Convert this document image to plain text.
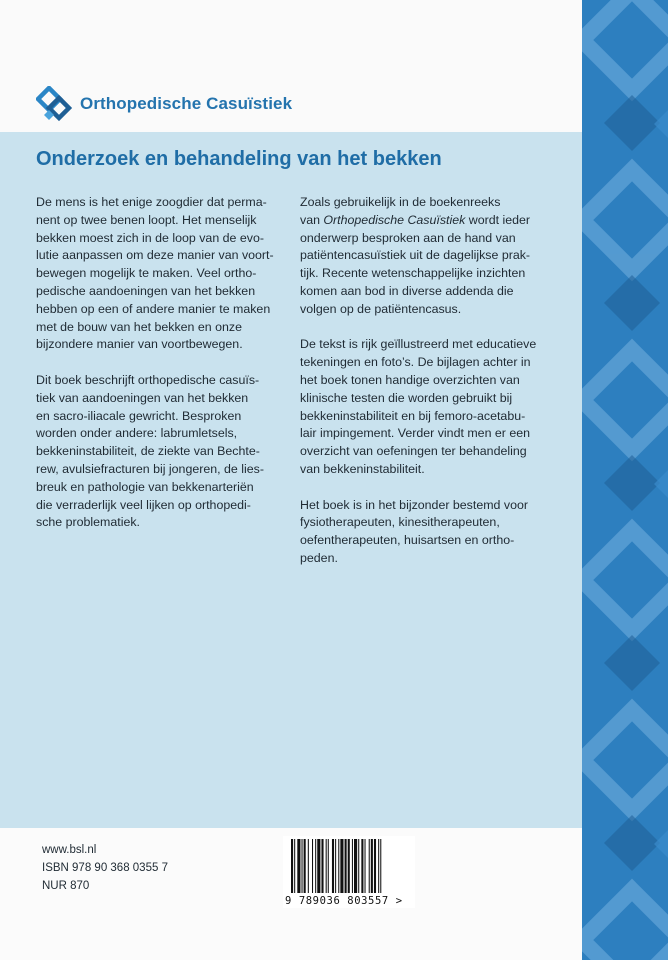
Orthopedische Casuïstiek
Onderzoek en behandeling van het bekken

De mens is het enige zoogdier dat perma-
nent op twee benen loopt. Het menselijk
bekken moest zich in de loop van de evo-
lutie aanpassen om deze manier van voort-
bewegen mogelijk te maken. Veel ortho-
pedische aandoeningen van het bekken
hebben op een of andere manier te maken
met de bouw van het bekken en onze
bijzondere manier van voortbewegen.

Dit boek beschrijft orthopedische casuïs-
tiek van aandoeningen van het bekken
en sacro-iliacale gewricht. Besproken
worden onder andere: labrumletsels,
bekkeninstabiliteit, de ziekte van Bechte-
rew, avulsiefracturen bij jongeren, de lies-
breuk en pathologie van bekkenarteriën
die verraderlijk veel lijken op orthopedi-
sche problematiek.

Zoals gebruikelijk in de boekenreeks
van Orthopedische Casuïstiek wordt ieder
onderwerp besproken aan de hand van
patiëntencasuïstiek uit de dagelijkse prak-
tijk. Recente wetenschappelijke inzichten
komen aan bod in diverse addenda die
volgen op de patiëntencasus.

De tekst is rijk geïllustreerd met educatieve
tekeningen en foto’s. De bijlagen achter in
het boek tonen handige overzichten van
klinische testen die worden gebruikt bij
bekkeninstabiliteit en bij femoro-acetabu-
lair impingement. Verder vindt men er een
overzicht van oefeningen ter behandeling
van bekkeninstabiliteit.

Het boek is in het bijzonder bestemd voor
fysiotherapeuten, kinesitherapeuten,
oefentherapeuten, huisartsen en ortho-
peden.

www.bsl.nl
ISBN 978 90 368 0355 7
NUR 870
9 789036 803557 >
